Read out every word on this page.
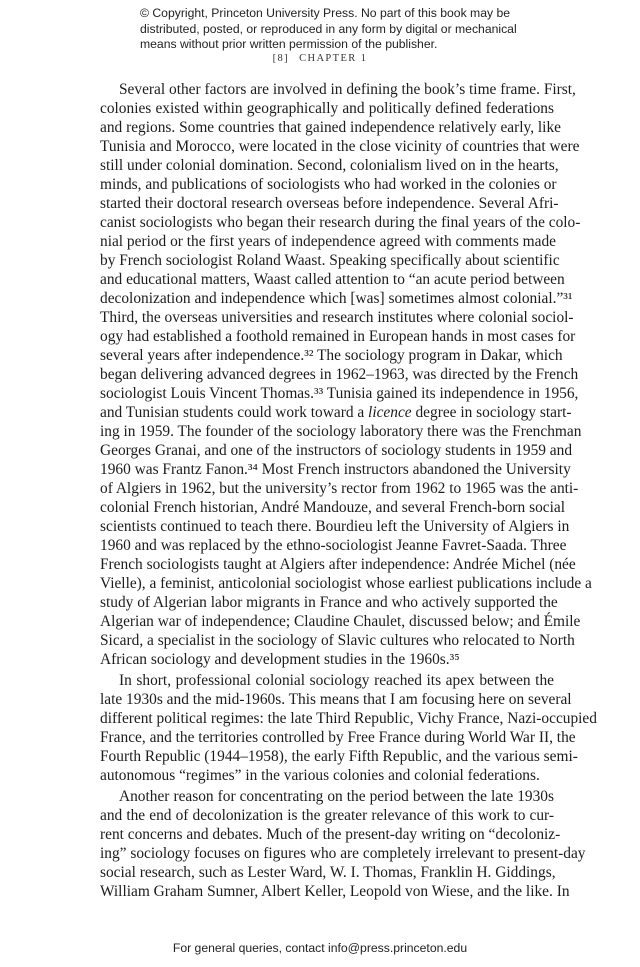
© Copyright, Princeton University Press. No part of this book may be
distributed, posted, or reproduced in any form by digital or mechanical
means without prior written permission of the publisher.
[8] CHAPTER 1
Several other factors are involved in defining the book’s time frame. First,
colonies existed within geographically and politically defined federations
and regions. Some countries that gained independence relatively early, like
Tunisia and Morocco, were located in the close vicinity of countries that were
still under colonial domination. Second, colonialism lived on in the hearts,
minds, and publications of sociologists who had worked in the colonies or
started their doctoral research overseas before independence. Several Afri-
canist sociologists who began their research during the final years of the colo-
nial period or the first years of independence agreed with comments made
by French sociologist Roland Waast. Speaking specifically about scientific
and educational matters, Waast called attention to “an acute period between
decolonization and independence which [was] sometimes almost colonial.”³¹
Third, the overseas universities and research institutes where colonial sociol-
ogy had established a foothold remained in European hands in most cases for
several years after independence.³² The sociology program in Dakar, which
began delivering advanced degrees in 1962–1963, was directed by the French
sociologist Louis Vincent Thomas.³³ Tunisia gained its independence in 1956,
and Tunisian students could work toward a licence degree in sociology start-
ing in 1959. The founder of the sociology laboratory there was the Frenchman
Georges Granai, and one of the instructors of sociology students in 1959 and
1960 was Frantz Fanon.³⁴ Most French instructors abandoned the University
of Algiers in 1962, but the university’s rector from 1962 to 1965 was the anti-
colonial French historian, André Mandouze, and several French-born social
scientists continued to teach there. Bourdieu left the University of Algiers in
1960 and was replaced by the ethno-sociologist Jeanne Favret-Saada. Three
French sociologists taught at Algiers after independence: Andrée Michel (née
Vielle), a feminist, anticolonial sociologist whose earliest publications include a
study of Algerian labor migrants in France and who actively supported the
Algerian war of independence; Claudine Chaulet, discussed below; and Émile
Sicard, a specialist in the sociology of Slavic cultures who relocated to North
African sociology and development studies in the 1960s.³⁵
In short, professional colonial sociology reached its apex between the
late 1930s and the mid-1960s. This means that I am focusing here on several
different political regimes: the late Third Republic, Vichy France, Nazi-occupied
France, and the territories controlled by Free France during World War II, the
Fourth Republic (1944–1958), the early Fifth Republic, and the various semi-
autonomous “regimes” in the various colonies and colonial federations.
Another reason for concentrating on the period between the late 1930s
and the end of decolonization is the greater relevance of this work to cur-
rent concerns and debates. Much of the present-day writing on “decoloniz-
ing” sociology focuses on figures who are completely irrelevant to present-day
social research, such as Lester Ward, W. I. Thomas, Franklin H. Giddings,
William Graham Sumner, Albert Keller, Leopold von Wiese, and the like. In
For general queries, contact info@press.princeton.edu
